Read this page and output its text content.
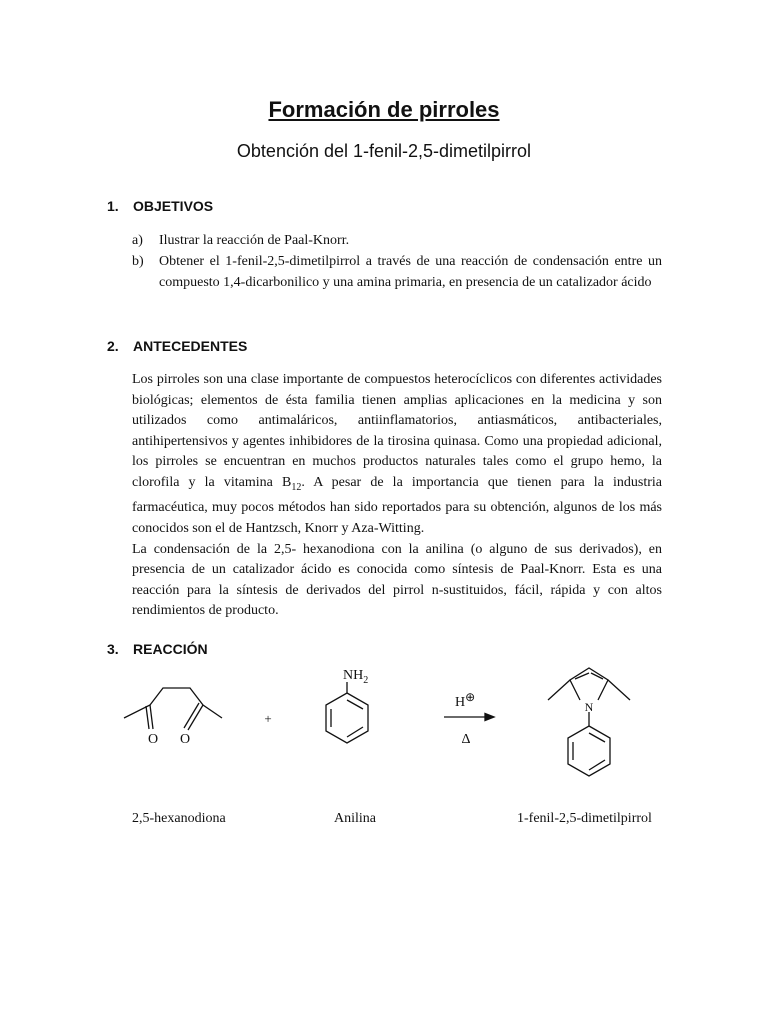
Formación de pirroles
Obtención del 1-fenil-2,5-dimetilpirrol
1. OBJETIVOS
a)	Ilustrar la reacción de Paal-Knorr.
b)	Obtener el 1-fenil-2,5-dimetilpirrol a través de una reacción de condensación entre un compuesto 1,4-dicarbonilico y una amina primaria, en presencia de un catalizador ácido
2. ANTECEDENTES

Los pirroles son una clase importante de compuestos heterocíclicos con diferentes actividades biológicas; elementos de ésta familia tienen amplias aplicaciones en la medicina y son utilizados como antimaláricos, antiinflamatorios, antiasmáticos, antibacteriales, antihipertensivos y agentes inhibidores de la tirosina quinasa. Como una propiedad adicional, los pirroles se encuentran en muchos productos naturales tales como el grupo hemo, la clorofila y la vitamina $B_{12}$. A pesar de la importancia que tienen para la industria farmacéutica, muy pocos métodos han sido reportados para su obtención, algunos de los más conocidos son el de Hantzsch, Knorr y Aza-Witting.

La condensación de la 2,5- hexanodiona con la anilina (o alguno de sus derivados), en presencia de un catalizador ácido es conocida como síntesis de Paal-Knorr. Esta es una reacción para la síntesis de derivados del pirrol n-sustituidos, fácil, rápida y con altos rendimientos de producto.

3. REACCIÓN
O O
+
$NH_2$
N
H⊕
Δ
2,5-hexanodiona	Anilina	1-fenil-2,5-dimetilpirrol
